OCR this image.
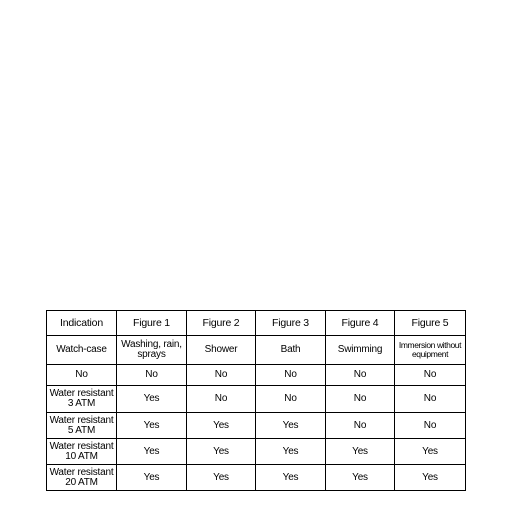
Indication	Figure 1	Figure 2	Figure 3	Figure 4	Figure 5
Watch-case	Washing, rain, sprays	Shower	Bath	Swimming	Immersion without equipment
No	No	No	No	No	No
Water resistant 3 ATM	Yes	No	No	No	No
Water resistant 5 ATM	Yes	Yes	Yes	No	No
Water resistant 10 ATM	Yes	Yes	Yes	Yes	Yes
Water resistant 20 ATM	Yes	Yes	Yes	Yes	Yes
